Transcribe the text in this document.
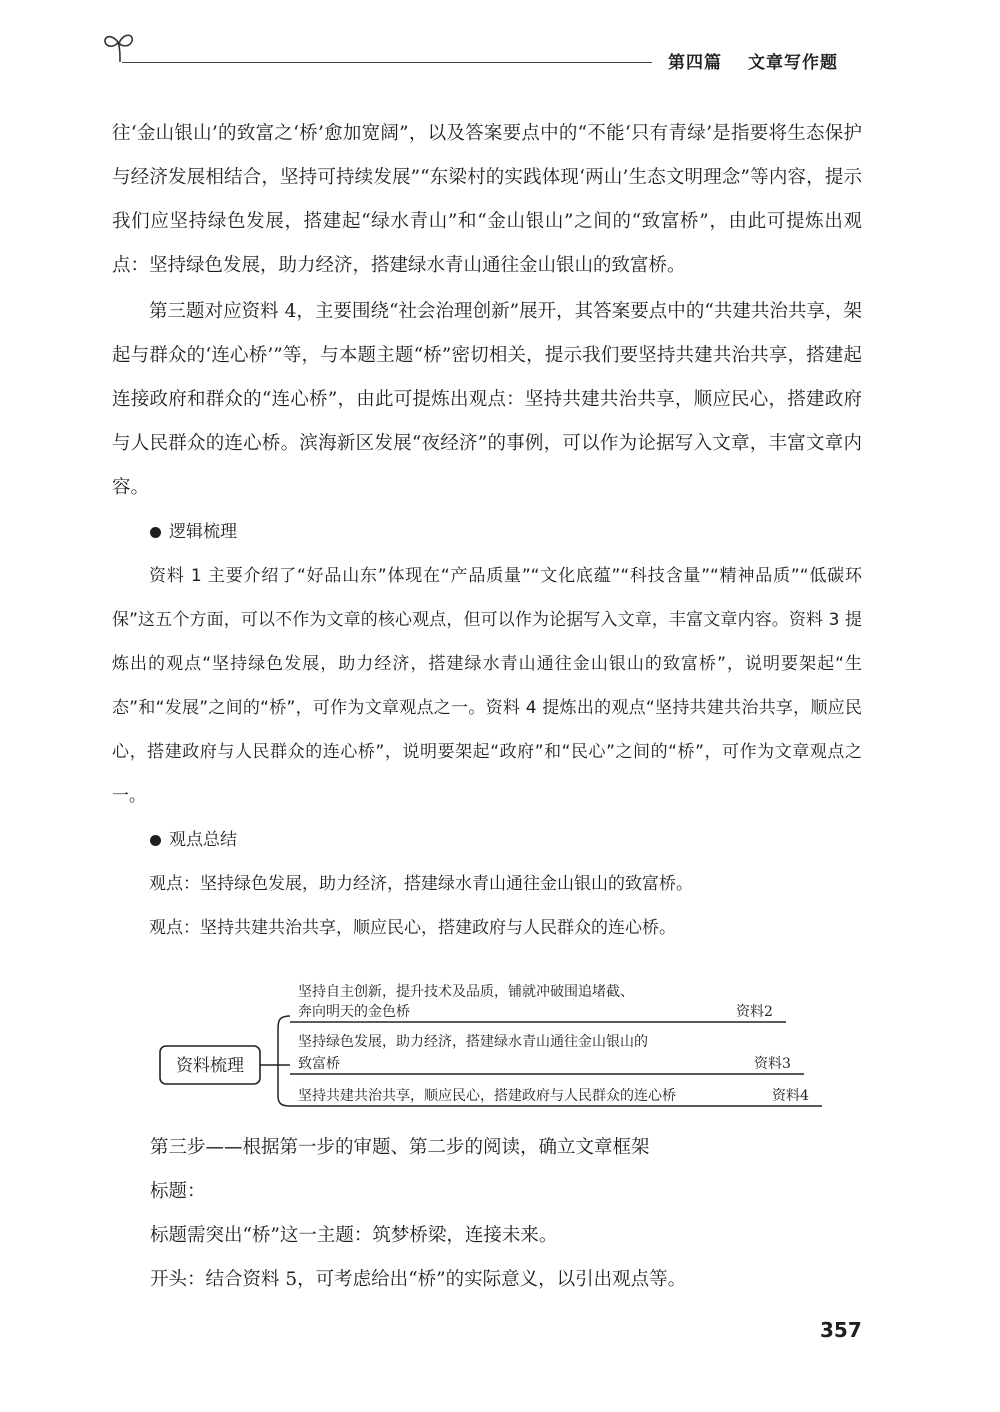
第四篇 文章写作题

往‘金山银山’的致富之‘桥’愈加宽阔”，以及答案要点中的“不能‘只有青绿’是指要将生态保护与经济发展相结合，坚持可持续发展”“东梁村的实践体现‘两山’生态文明理念”等内容，提示我们应坚持绿色发展，搭建起“绿水青山”和“金山银山”之间的“致富桥”，由此可提炼出观点：坚持绿色发展，助力经济，搭建绿水青山通往金山银山的致富桥。

第三题对应资料 4，主要围绕“社会治理创新”展开，其答案要点中的“共建共治共享，架起与群众的‘连心桥’”等，与本题主题“桥”密切相关，提示我们要坚持共建共治共享，搭建起连接政府和群众的“连心桥”，由此可提炼出观点：坚持共建共治共享，顺应民心，搭建政府与人民群众的连心桥。滨海新区发展“夜经济”的事例，可以作为论据写入文章，丰富文章内容。

逻辑梳理

资料 1 主要介绍了“好品山东”体现在“产品质量”“文化底蕴”“科技含量”“精神品质”“低碳环保”这五个方面，可以不作为文章的核心观点，但可以作为论据写入文章，丰富文章内容。资料 3 提炼出的观点“坚持绿色发展，助力经济，搭建绿水青山通往金山银山的致富桥”，说明要架起“生态”和“发展”之间的“桥”，可作为文章观点之一。资料 4 提炼出的观点“坚持共建共治共享，顺应民心，搭建政府与人民群众的连心桥”，说明要架起“政府”和“民心”之间的“桥”，可作为文章观点之一。

观点总结

观点：坚持绿色发展，助力经济，搭建绿水青山通往金山银山的致富桥。

观点：坚持共建共治共享，顺应民心，搭建政府与人民群众的连心桥。

资料梳理
坚持自主创新，提升技术及品质，铺就冲破围追堵截、
奔向明天的金色桥	资料2
坚持绿色发展，助力经济，搭建绿水青山通往金山银山的
致富桥	资料3
坚持共建共治共享，顺应民心，搭建政府与人民群众的连心桥	资料4

第三步——根据第一步的审题、第二步的阅读，确立文章框架

标题：

标题需突出“桥”这一主题：筑梦桥梁，连接未来。

开头：结合资料 5，可考虑给出“桥”的实际意义，以引出观点等。

357
